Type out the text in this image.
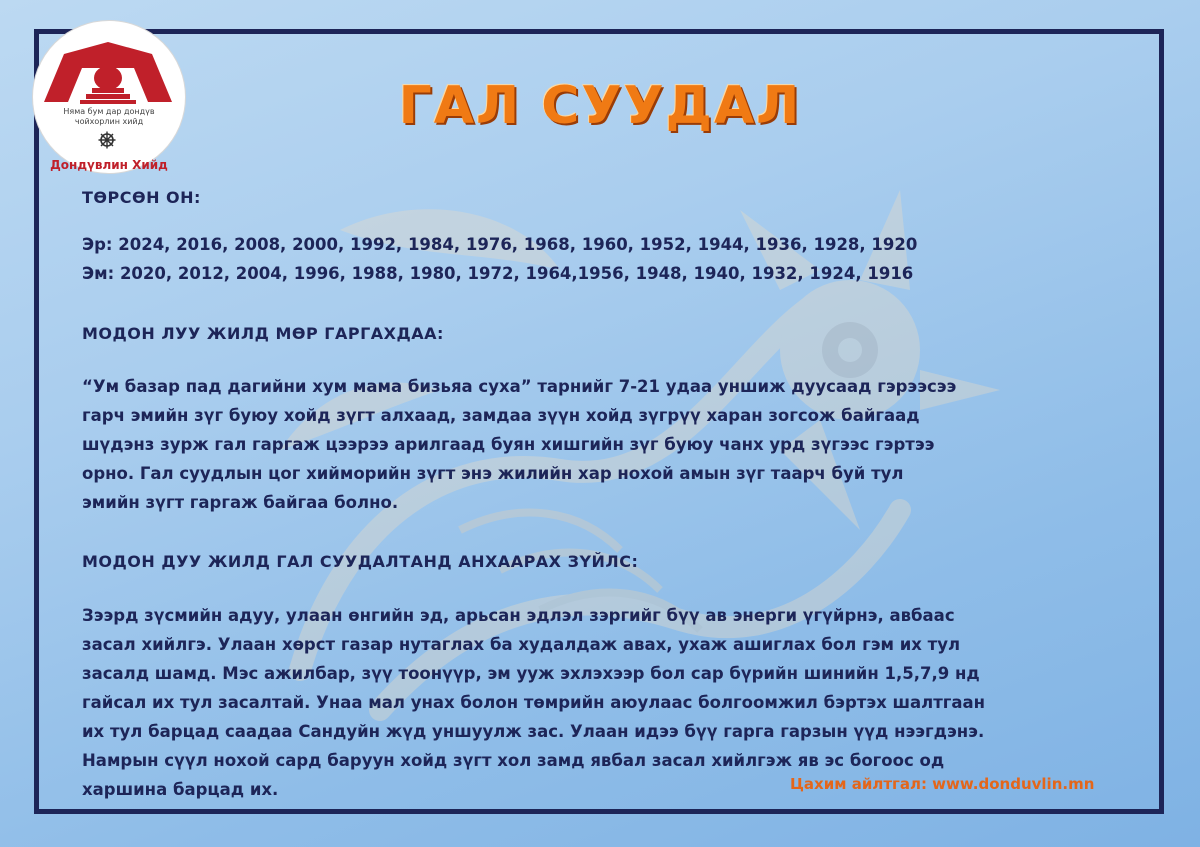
Няма бум дар дондүв чойхорлин хийд
Дондүвлин Хийд
ГАЛ СУУДАЛ
ТӨРСӨН ОН:
Эр: 2024, 2016, 2008, 2000, 1992, 1984, 1976, 1968, 1960, 1952, 1944, 1936, 1928, 1920
Эм: 2020, 2012, 2004, 1996, 1988, 1980, 1972, 1964,1956, 1948, 1940, 1932, 1924, 1916
МОДОН ЛУУ ЖИЛД МӨР ГАРГАХДАА:
“Ум базар пад дагийни хум мама бизьяа суха” тарнийг 7-21 удаа уншиж дуусаад гэрээсээ
гарч эмийн зүг буюу хойд зүгт алхаад, замдаа зүүн хойд зүгрүү харан зогсож байгаад
шүдэнз зурж гал гаргаж цээрээ арилгаад буян хишгийн зүг буюу чанх урд зүгээс гэртээ
орно. Гал суудлын цог хийморийн зүгт энэ жилийн хар нохой амын зүг таарч буй тул
эмийн зүгт гаргаж байгаа болно.
МОДОН ДУУ ЖИЛД ГАЛ СУУДАЛТАНД АНХААРАХ ЗҮЙЛС:
Зээрд зүсмийн адуу, улаан өнгийн эд, арьсан эдлэл зэргийг бүү ав энерги үгүйрнэ, авбаас
засал хийлгэ. Улаан хөрст газар нутаглах ба худалдаж авах, ухаж ашиглах бол гэм их тул
засалд шамд. Мэс ажилбар, зүү тоонүүр, эм ууж эхлэхээр бол сар бүрийн шинийн 1,5,7,9 нд
гайсал их тул засалтай. Унаа мал унах болон төмрийн аюулаас болгоомжил бэртэх шалтгаан
их тул барцад саадаа Сандуйн жүд уншуулж зас. Улаан идээ бүү гарга гарзын үүд нээгдэнэ.
Намрын сүүл нохой сард баруун хойд зүгт хол замд явбал засал хийлгэж яв эс богоос од
харшина барцад их.	Цахим айлтгал: www.donduvlin.mn
